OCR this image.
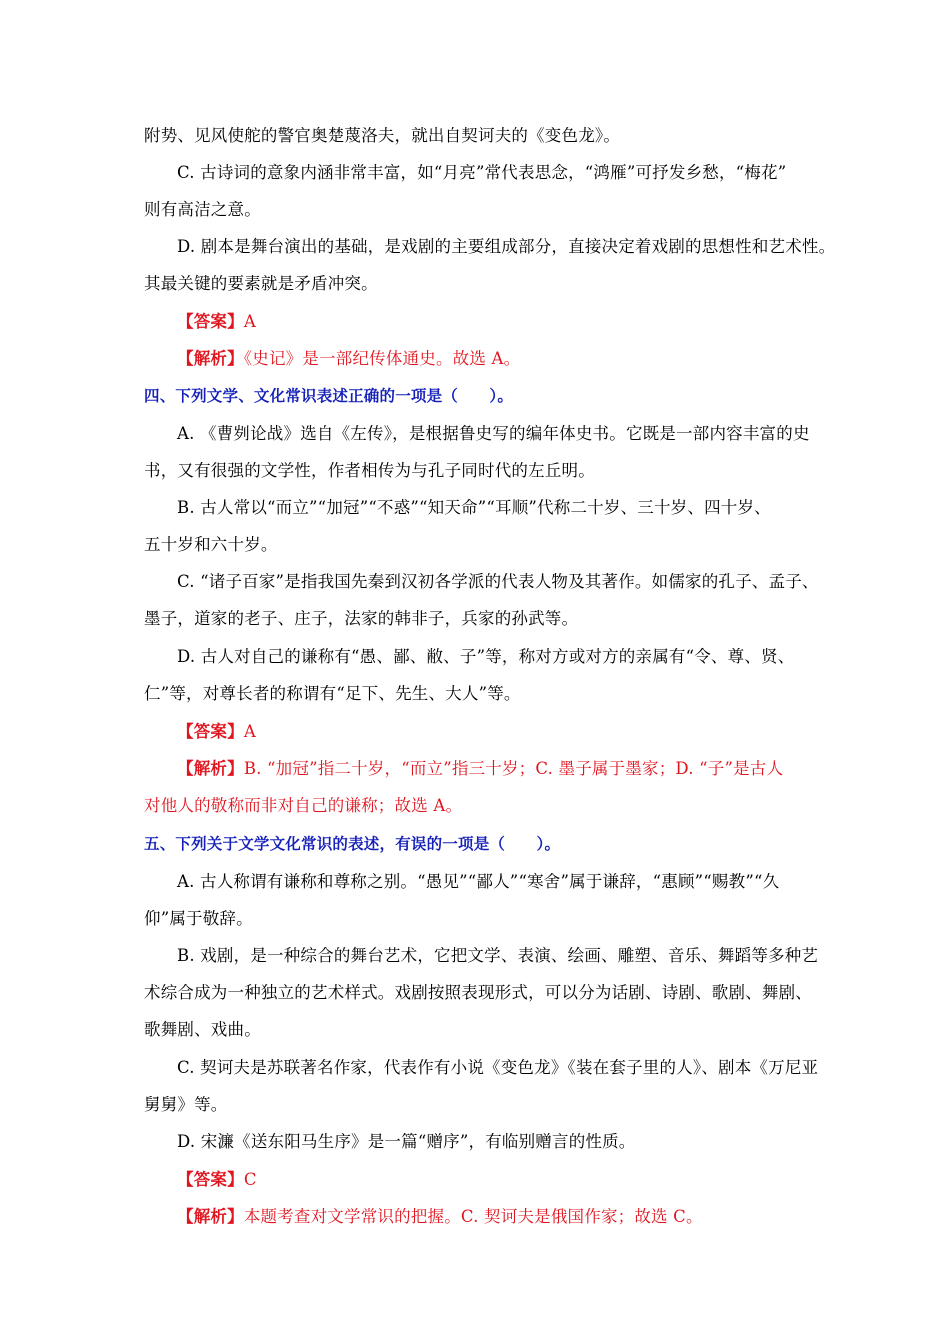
附势、见风使舵的警官奥楚蔑洛夫，就出自契诃夫的《变色龙》。
C. 古诗词的意象内涵非常丰富，如“月亮”常代表思念，“鸿雁”可抒发乡愁，“梅花”
则有高洁之意。
D. 剧本是舞台演出的基础，是戏剧的主要组成部分，直接决定着戏剧的思想性和艺术性。
其最关键的要素就是矛盾冲突。
【答案】A
【解析】《史记》是一部纪传体通史。故选 A。
四、下列文学、文化常识表述正确的一项是（　　）。
A. 《曹刿论战》选自《左传》，是根据鲁史写的编年体史书。它既是一部内容丰富的史
书，又有很强的文学性，作者相传为与孔子同时代的左丘明。
B. 古人常以“而立”“加冠”“不惑”“知天命”“耳顺”代称二十岁、三十岁、四十岁、
五十岁和六十岁。
C. “诸子百家”是指我国先秦到汉初各学派的代表人物及其著作。如儒家的孔子、孟子、
墨子，道家的老子、庄子，法家的韩非子，兵家的孙武等。
D. 古人对自己的谦称有“愚、鄙、敝、子”等，称对方或对方的亲属有“令、尊、贤、
仁”等，对尊长者的称谓有“足下、先生、大人”等。
【答案】A
【解析】B. “加冠”指二十岁，“而立”指三十岁；C. 墨子属于墨家；D. “子”是古人
对他人的敬称而非对自己的谦称；故选 A。
五、下列关于文学文化常识的表述，有误的一项是（　　）。
A. 古人称谓有谦称和尊称之别。“愚见”“鄙人”“寒舍”属于谦辞，“惠顾”“赐教”“久
仰”属于敬辞。
B. 戏剧，是一种综合的舞台艺术，它把文学、表演、绘画、雕塑、音乐、舞蹈等多种艺
术综合成为一种独立的艺术样式。戏剧按照表现形式，可以分为话剧、诗剧、歌剧、舞剧、
歌舞剧、戏曲。
C. 契诃夫是苏联著名作家，代表作有小说《变色龙》《装在套子里的人》、剧本《万尼亚
舅舅》等。
D. 宋濂《送东阳马生序》是一篇“赠序”，有临别赠言的性质。
【答案】C
【解析】本题考查对文学常识的把握。C. 契诃夫是俄国作家；故选 C。
